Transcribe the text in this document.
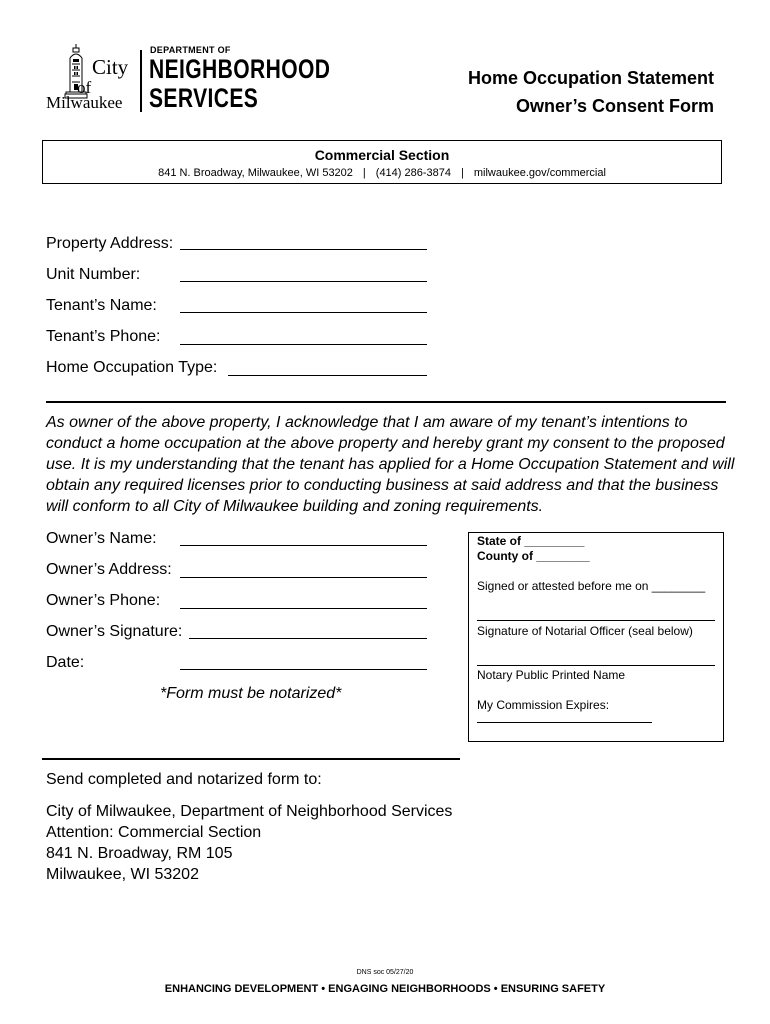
City
of
Milwaukee
DEPARTMENT OF
NEIGHBORHOOD
SERVICES
Home Occupation Statement
Owner’s Consent Form
Commercial Section
841 N. Broadway, Milwaukee, WI 53202 | (414) 286-3874 | milwaukee.gov/commercial
Property Address:
Unit Number:
Tenant’s Name:
Tenant’s Phone:
Home Occupation Type:
As owner of the above property, I acknowledge that I am aware of my tenant’s intentions to conduct a home occupation at the above property and hereby grant my consent to the proposed use. It is my understanding that the tenant has applied for a Home Occupation Statement and will obtain any required licenses prior to conducting business at said address and that the business will conform to all City of Milwaukee building and zoning requirements.
Owner’s Name:
Owner’s Address:
Owner’s Phone:
Owner’s Signature:
Date:
*Form must be notarized*
State of _________
County of ________
Signed or attested before me on ________
Signature of Notarial Officer (seal below)
Notary Public Printed Name
My Commission Expires:
Send completed and notarized form to:
City of Milwaukee, Department of Neighborhood Services
Attention: Commercial Section
841 N. Broadway, RM 105
Milwaukee, WI 53202
DNS soc 05/27/20
ENHANCING DEVELOPMENT • ENGAGING NEIGHBORHOODS • ENSURING SAFETY
